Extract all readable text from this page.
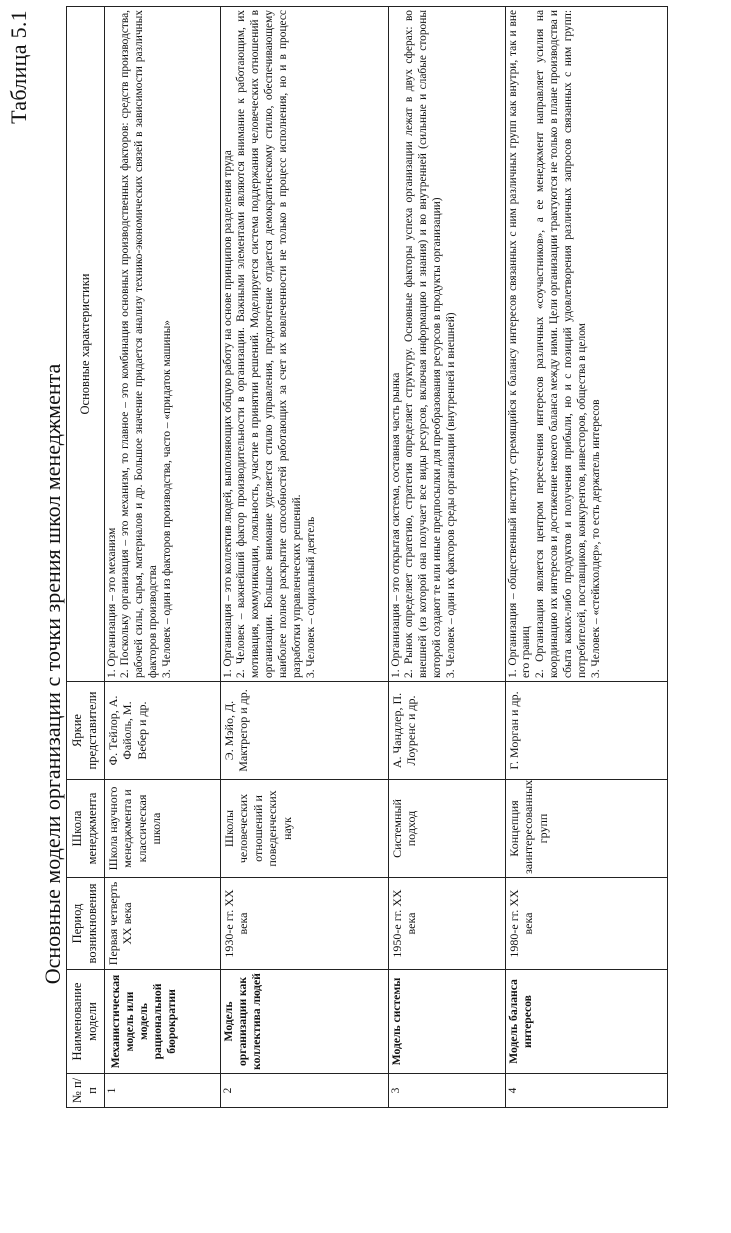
Таблица 5.1
Основные модели организации с точки зрения школ менеджмента
№ п/п	Наименование модели	Период возникновения	Школа менеджмента	Яркие представители	Основные характеристики
1	Механистическая модель или модель рациональной бюрократии	Первая четверть XX века	Школа научного менеджмента и классическая школа	Ф. Тейлор, А. Файоль, М. Вебер и др.	1. Организация – это механизм 2. Поскольку организация – это механизм, то главное – это комбинация основных производственных факторов: средств производства, рабочей силы, сырья, материалов и др. Большое значение придается анализу технико-экономических связей в зависимости различных факторов производства 3. Человек – один из факторов производства, часто – «придаток машины»

2	Модель организации как коллектива людей	1930-е гг. XX века	Школы человеческих отношений и поведенческих наук	Э. Мэйо, Д. Мактрегор и др.	1. Организация – это коллектив людей, выполняющих общую работу на основе принципов разделения труда 2. Человек – важнейший фактор производительности в организации. Важными элементами являются внимание к работающим, их мотивация, коммуникации, лояльность, участие в принятии решений. Моделируется система поддержания человеческих отношений в организации. Большое внимание уделяется стилю управления, предпочтение отдается демократическому стилю, обеспечивающему наиболее полное раскрытие способностей работающих за счет их вовлеченности не только в процесс исполнения, но и в процесс разработки управленческих решений. 3. Человек – социальный деятель

3	Модель системы	1950-е гг. XX века	Системный подход	А. Чандлер, П. Лоуренс и др.	1. Организация – это открытая система, составная часть рынка 2. Рынок определяет стратегию, стратегия определяет структуру. Основные факторы успеха организации лежат в двух сферах: во внешней (из которой она получает все виды ресурсов, включая информацию и знания) и во внутренней (сильные и слабые стороны которой создают те или иные предпосылки для преобразования ресурсов в продукты организации) 3. Человек – один их факторов среды организации (внутренней и внешней)

4	Модель баланса интересов	1980-е гг. XX века	Концепция заинтересованных групп	Г. Морган и др.	1. Организация – общественный институт, стремящийся к балансу интересов связанных с ним различных групп как внутри, так и вне его границ 2. Организация является центром пересечения интересов различных «соучастников», а ее менеджмент направляет усилия на координацию их интересов и достижение некоего баланса между ними. Цели организации трактуются не только в плане производства и сбыта каких-либо продуктов и получения прибыли, но и с позиций удовлетворения различных запросов связанных с ним групп: потребителей, поставщиков, конкурентов, инвесторов, общества в целом 3. Человек – «стейкхолдер», то есть держатель интересов
